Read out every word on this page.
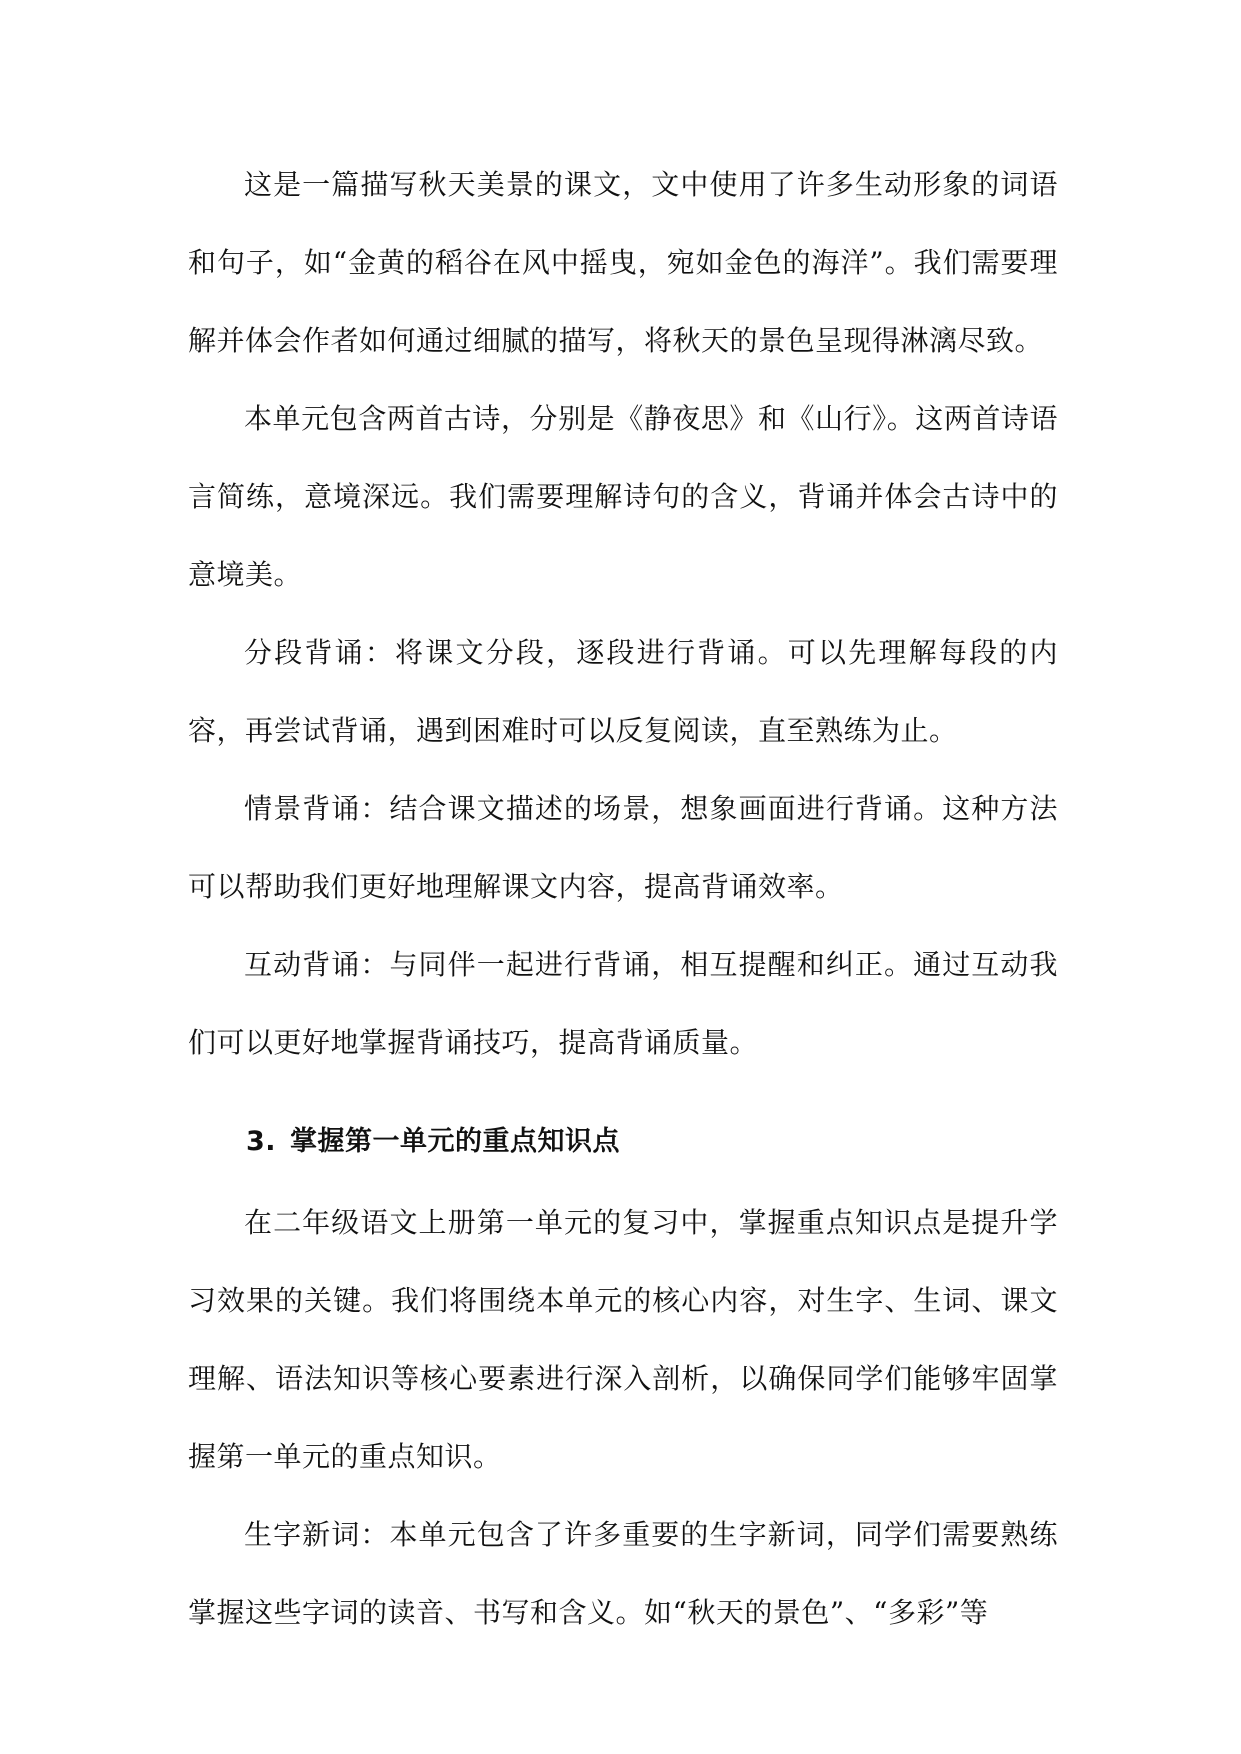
这是一篇描写秋天美景的课文，文中使用了许多生动形象的词语和句子，如“金黄的稻谷在风中摇曳，宛如金色的海洋”。我们需要理解并体会作者如何通过细腻的描写，将秋天的景色呈现得淋漓尽致。

本单元包含两首古诗，分别是《静夜思》和《山行》。这两首诗语言简练，意境深远。我们需要理解诗句的含义，背诵并体会古诗中的意境美。

分段背诵：将课文分段，逐段进行背诵。可以先理解每段的内容，再尝试背诵，遇到困难时可以反复阅读，直至熟练为止。

情景背诵：结合课文描述的场景，想象画面进行背诵。这种方法可以帮助我们更好地理解课文内容，提高背诵效率。

互动背诵：与同伴一起进行背诵，相互提醒和纠正。通过互动我们可以更好地掌握背诵技巧，提高背诵质量。

3. 掌握第一单元的重点知识点

在二年级语文上册第一单元的复习中，掌握重点知识点是提升学习效果的关键。我们将围绕本单元的核心内容，对生字、生词、课文理解、语法知识等核心要素进行深入剖析，以确保同学们能够牢固掌握第一单元的重点知识。

生字新词：本单元包含了许多重要的生字新词，同学们需要熟练掌握这些字词的读音、书写和含义。如“秋天的景色”、“多彩”等
